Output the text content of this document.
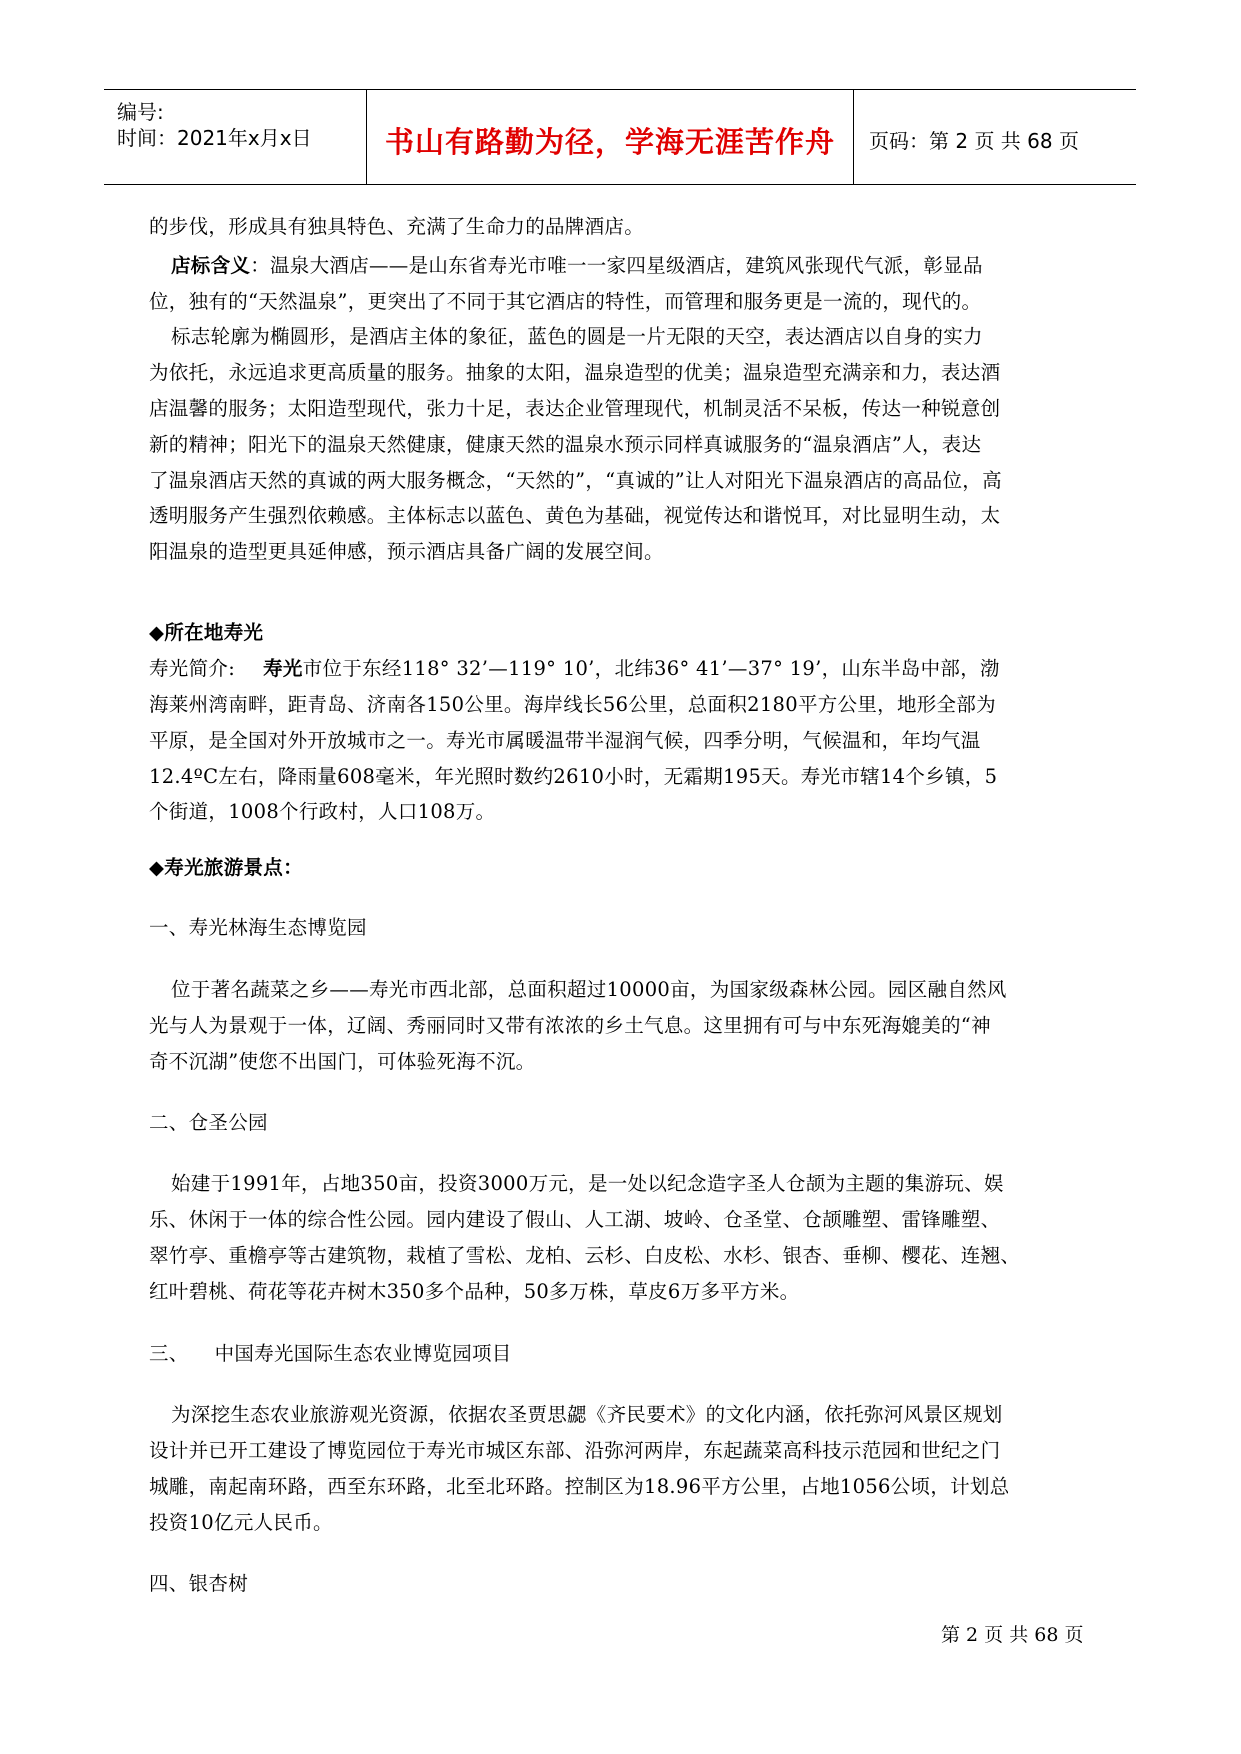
编号:
时间：2021年x月x日	书山有路勤为径，学海无涯苦作舟	页码：第 2 页 共 68 页
的步伐，形成具有独具特色、充满了生命力的品牌酒店。
店标含义：温泉大酒店——是山东省寿光市唯一一家四星级酒店，建筑风张现代气派，彰显品
位，独有的“天然温泉”，更突出了不同于其它酒店的特性，而管理和服务更是一流的，现代的。
标志轮廓为椭圆形，是酒店主体的象征，蓝色的圆是一片无限的天空，表达酒店以自身的实力
为依托，永远追求更高质量的服务。抽象的太阳，温泉造型的优美；温泉造型充满亲和力，表达酒
店温馨的服务；太阳造型现代，张力十足，表达企业管理现代，机制灵活不呆板，传达一种锐意创
新的精神；阳光下的温泉天然健康，健康天然的温泉水预示同样真诚服务的“温泉酒店”人，表达
了温泉酒店天然的真诚的两大服务概念，“天然的”，“真诚的”让人对阳光下温泉酒店的高品位，高
透明服务产生强烈依赖感。主体标志以蓝色、黄色为基础，视觉传达和谐悦耳，对比显明生动，太
阳温泉的造型更具延伸感，预示酒店具备广阔的发展空间。
◆所在地寿光
寿光简介: 寿光市位于东经118° 32’—119° 10’，北纬36° 41’—37° 19’，山东半岛中部，渤
海莱州湾南畔，距青岛、济南各150公里。海岸线长56公里，总面积2180平方公里，地形全部为
平原，是全国对外开放城市之一。寿光市属暖温带半湿润气候，四季分明，气候温和，年均气温
12.4ºC左右，降雨量608毫米，年光照时数约2610小时，无霜期195天。寿光市辖14个乡镇，5
个街道，1008个行政村，人口108万。
◆寿光旅游景点：
一、寿光林海生态博览园
位于著名蔬菜之乡——寿光市西北部，总面积超过10000亩，为国家级森林公园。园区融自然风
光与人为景观于一体，辽阔、秀丽同时又带有浓浓的乡土气息。这里拥有可与中东死海媲美的“神
奇不沉湖”使您不出国门，可体验死海不沉。
二、仓圣公园
始建于1991年，占地350亩，投资3000万元，是一处以纪念造字圣人仓颉为主题的集游玩、娱
乐、休闲于一体的综合性公园。园内建设了假山、人工湖、坡岭、仓圣堂、仓颉雕塑、雷锋雕塑、
翠竹亭、重檐亭等古建筑物，栽植了雪松、龙柏、云杉、白皮松、水杉、银杏、垂柳、樱花、连翘、
红叶碧桃、荷花等花卉树木350多个品种，50多万株，草皮6万多平方米。
三、    中国寿光国际生态农业博览园项目
为深挖生态农业旅游观光资源，依据农圣贾思勰《齐民要术》的文化内涵，依托弥河风景区规划
设计并已开工建设了博览园位于寿光市城区东部、沿弥河两岸，东起蔬菜高科技示范园和世纪之门
城雕，南起南环路，西至东环路，北至北环路。控制区为18.96平方公里，占地1056公顷，计划总
投资10亿元人民币。
四、银杏树
第 2 页 共 68 页
